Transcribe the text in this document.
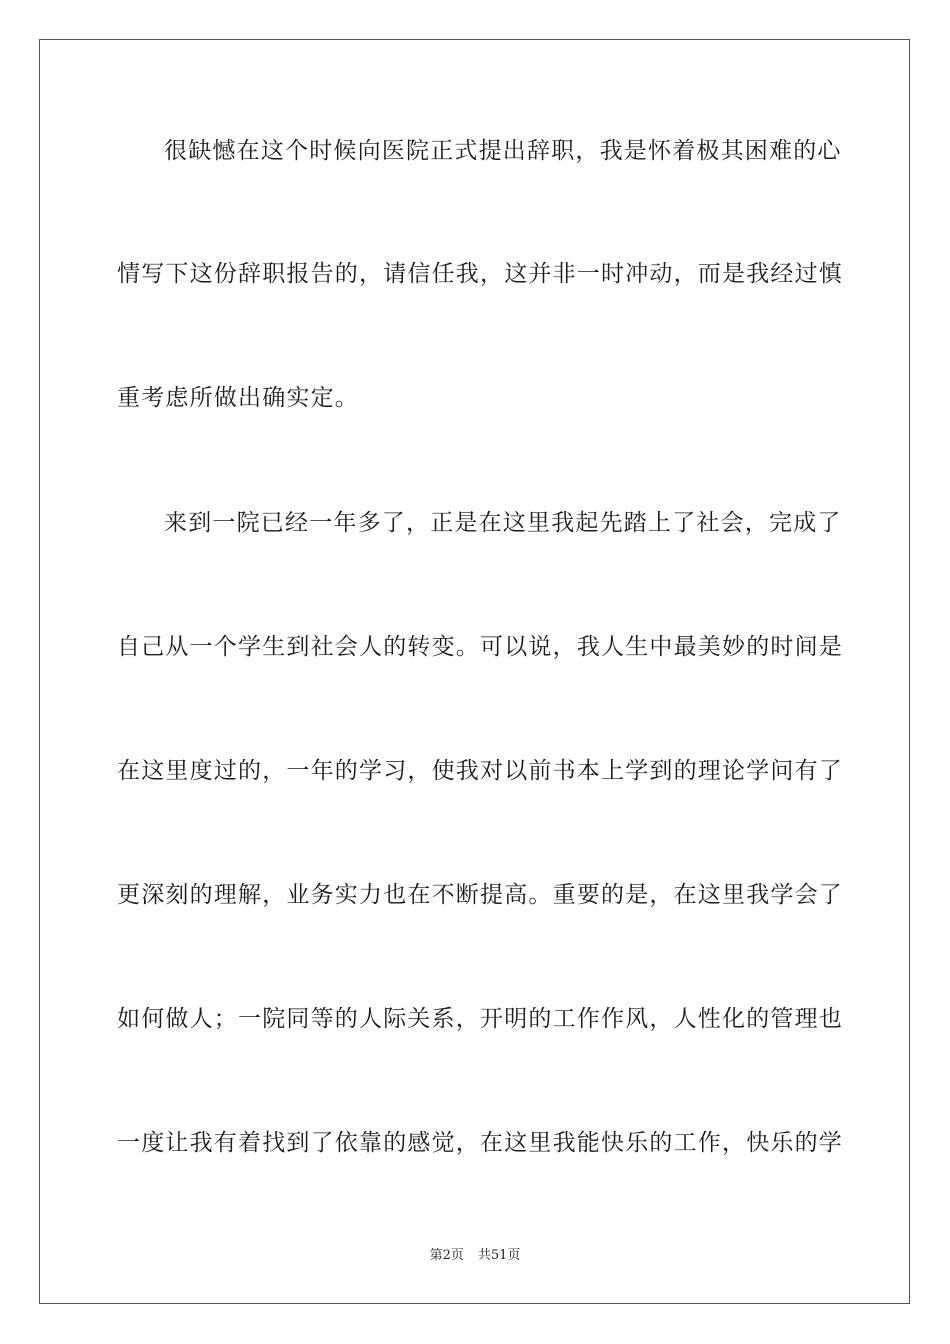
很缺憾在这个时候向医院正式提出辞职，我是怀着极其困难的心
情写下这份辞职报告的，请信任我，这并非一时冲动，而是我经过慎
重考虑所做出确实定。
来到一院已经一年多了，正是在这里我起先踏上了社会，完成了
自己从一个学生到社会人的转变。可以说，我人生中最美妙的时间是
在这里度过的，一年的学习，使我对以前书本上学到的理论学问有了
更深刻的理解，业务实力也在不断提高。重要的是，在这里我学会了
如何做人；一院同等的人际关系，开明的工作作风，人性化的管理也
一度让我有着找到了依靠的感觉，在这里我能快乐的工作，快乐的学
第2页 共51页
